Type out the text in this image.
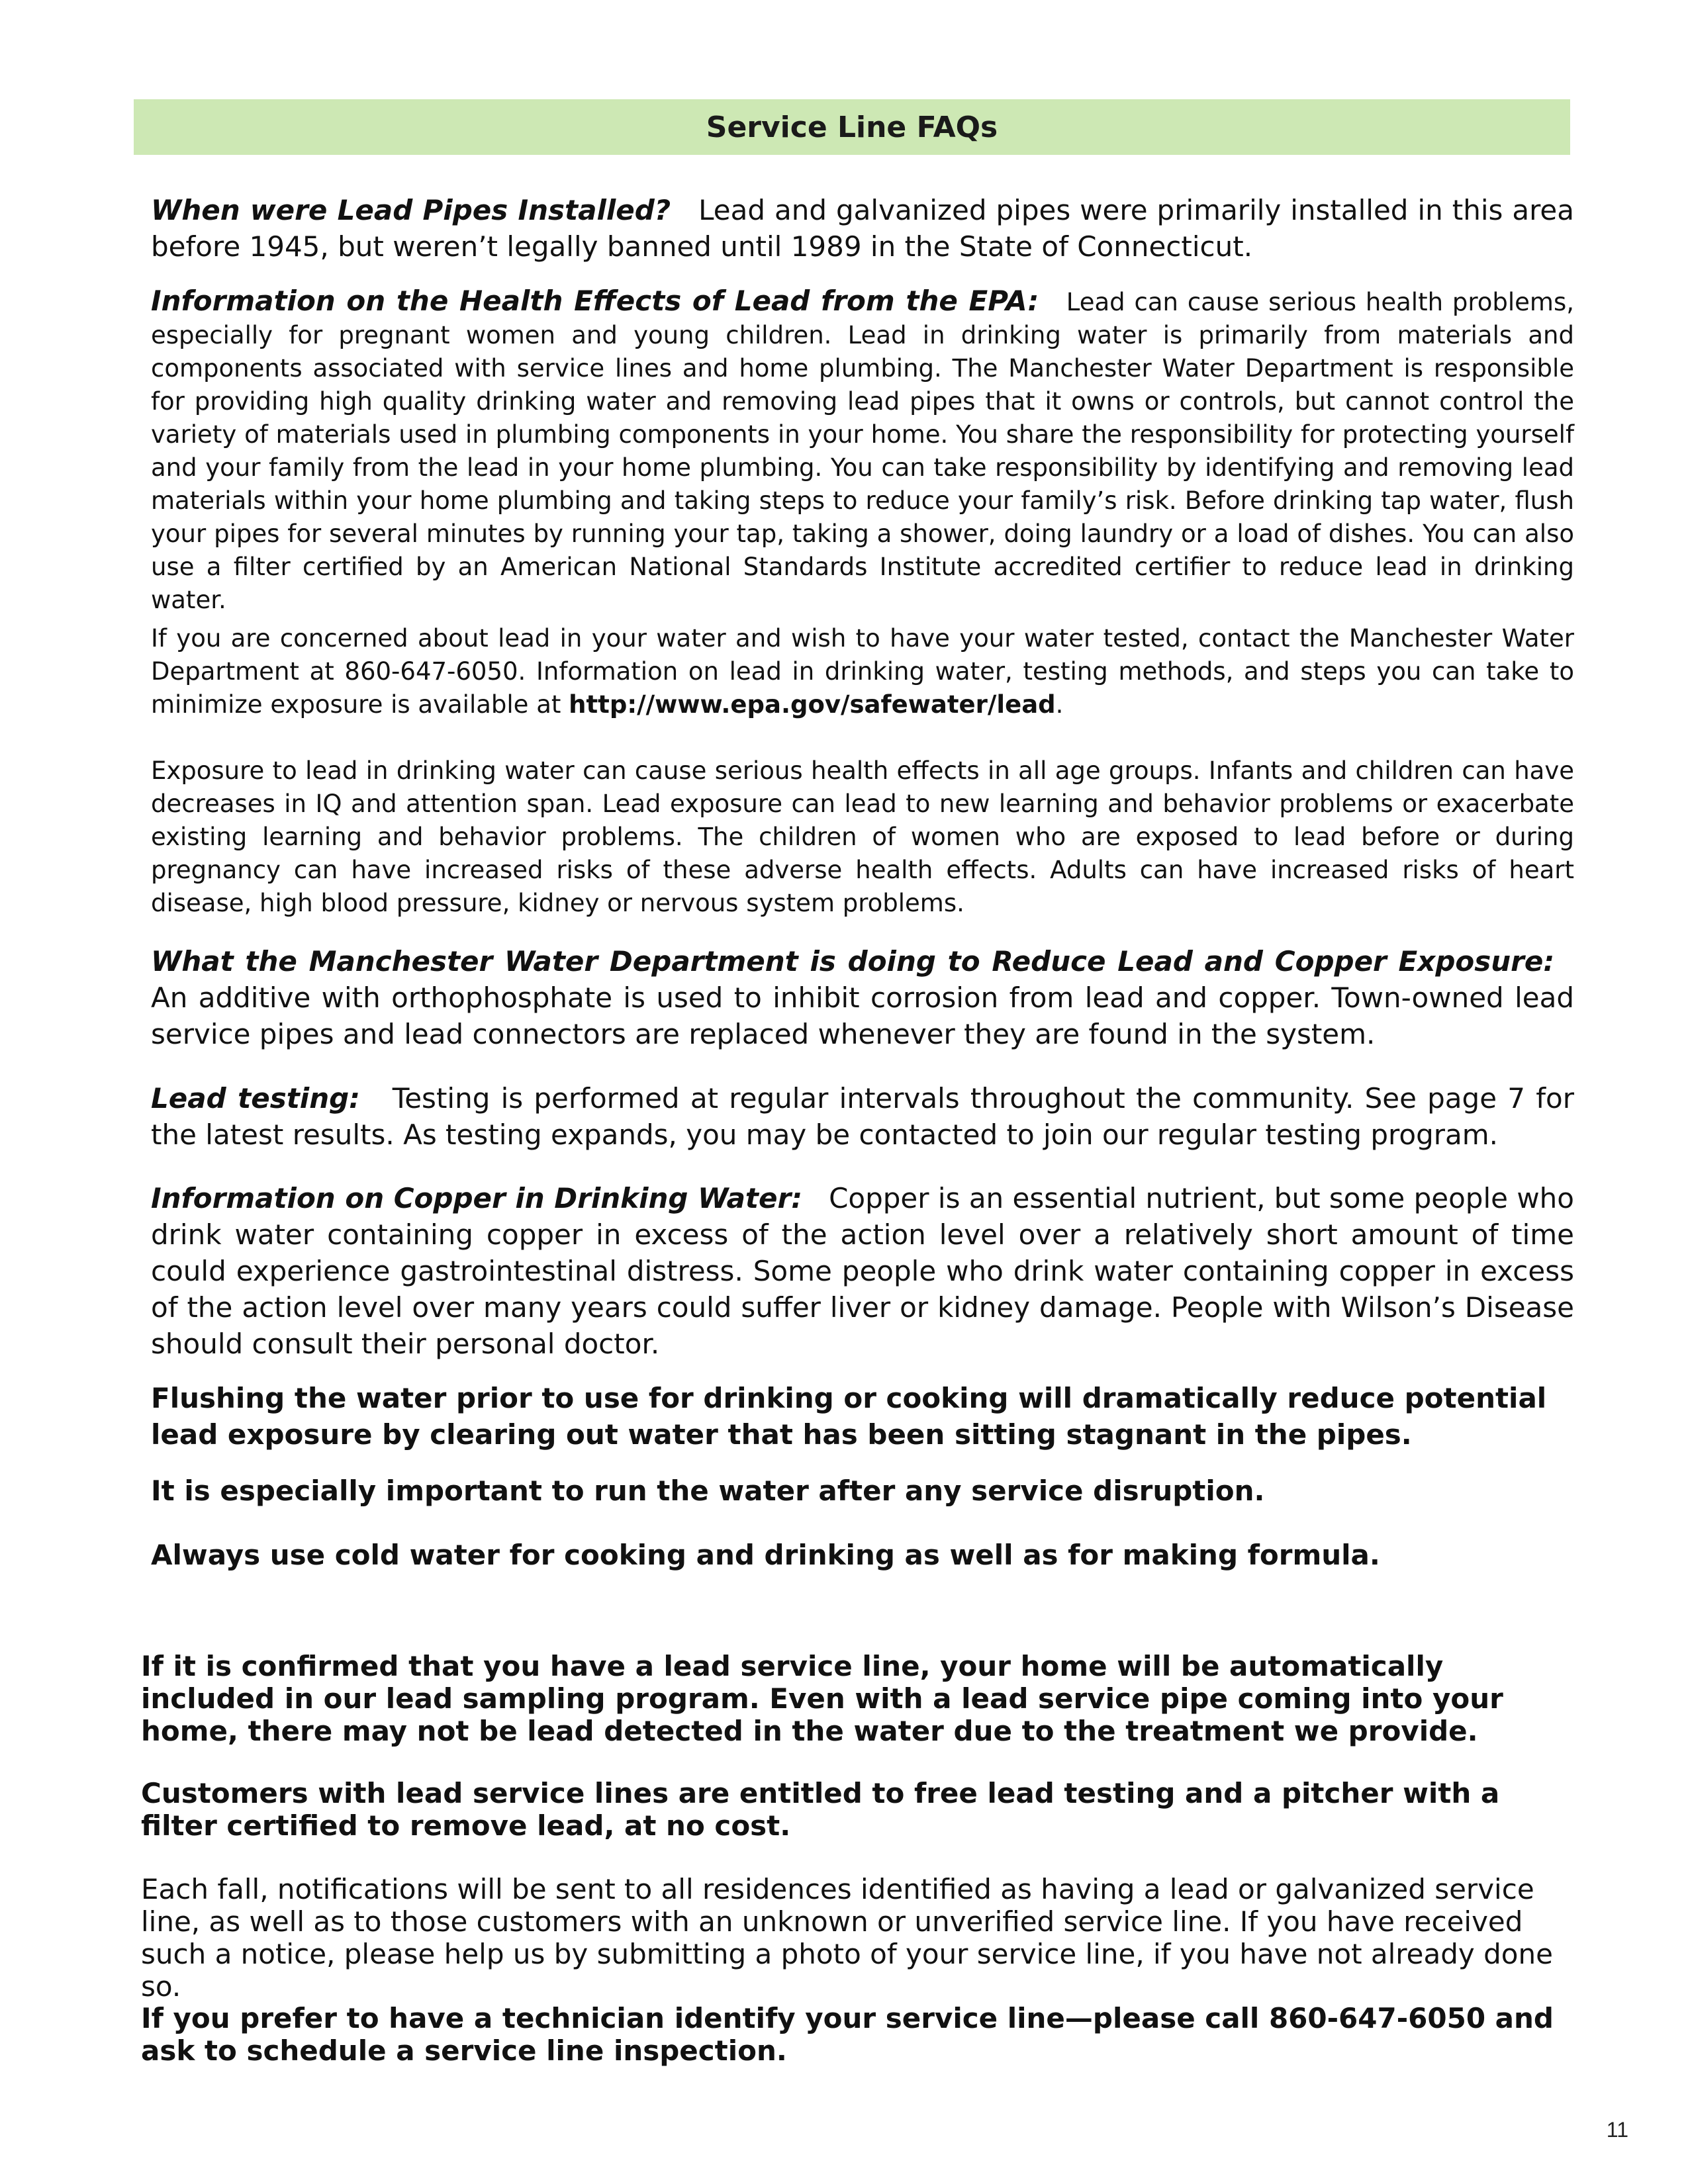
Service Line FAQs

When were Lead Pipes Installed? Lead and galvanized pipes were primarily installed in this area before 1945, but weren’t legally banned until 1989 in the State of Connecticut.

Information on the Health Effects of Lead from the EPA: Lead can cause serious health problems, especially for pregnant women and young children. Lead in drinking water is primarily from materials and components associated with service lines and home plumbing. The Manchester Water Department is responsible for providing high quality drinking water and removing lead pipes that it owns or controls, but cannot control the variety of materials used in plumbing components in your home. You share the responsibility for protecting yourself and your family from the lead in your home plumbing. You can take responsibility by identifying and removing lead materials within your home plumbing and taking steps to reduce your family’s risk. Before drinking tap water, flush your pipes for several minutes by running your tap, taking a shower, doing laundry or a load of dishes. You can also use a filter certified by an American National Standards Institute accredited certifier to reduce lead in drinking water.

If you are concerned about lead in your water and wish to have your water tested, contact the Manchester Water Department at 860-647-6050. Information on lead in drinking water, testing methods, and steps you can take to minimize exposure is available at http://www.epa.gov/safewater/lead.

Exposure to lead in drinking water can cause serious health effects in all age groups. Infants and children can have decreases in IQ and attention span. Lead exposure can lead to new learning and behavior problems or exacerbate existing learning and behavior problems. The children of women who are exposed to lead before or during pregnancy can have increased risks of these adverse health effects. Adults can have increased risks of heart disease, high blood pressure, kidney or nervous system problems.

What the Manchester Water Department is doing to Reduce Lead and Copper Exposure:   An additive with orthophosphate is used to inhibit corrosion from lead and copper. Town-owned lead service pipes and lead connectors are replaced whenever they are found in the system.

Lead testing: Testing is performed at regular intervals throughout the community. See page 7 for the latest results. As testing expands, you may be contacted to join our regular testing program.

Information on Copper in Drinking Water: Copper is an essential nutrient, but some people who drink water containing copper in excess of the action level over a relatively short amount of time could experience gastrointestinal distress. Some people who drink water containing copper in excess of the action level over many years could suffer liver or kidney damage. People with Wilson’s Disease should consult their personal doctor.

Flushing the water prior to use for drinking or cooking will dramatically reduce potential lead exposure by clearing out water that has been sitting stagnant in the pipes.

It is especially important to run the water after any service disruption.

Always use cold water for cooking and drinking as well as for making formula.

If it is confirmed that you have a lead service line, your home will be automatically included in our lead sampling program. Even with a lead service pipe coming into your home, there may not be lead detected in the water due to the treatment we provide.

Customers with lead service lines are entitled to free lead testing and a pitcher with a filter certified to remove lead, at no cost.

Each fall, notifications will be sent to all residences identified as having a lead or galvanized service line, as well as to those customers with an unknown or unverified service line. If you have received such a notice, please help us by submitting a photo of your service line, if you have not already done so.

If you prefer to have a technician identify your service line—please call 860-647-6050 and ask to schedule a service line inspection.

11
